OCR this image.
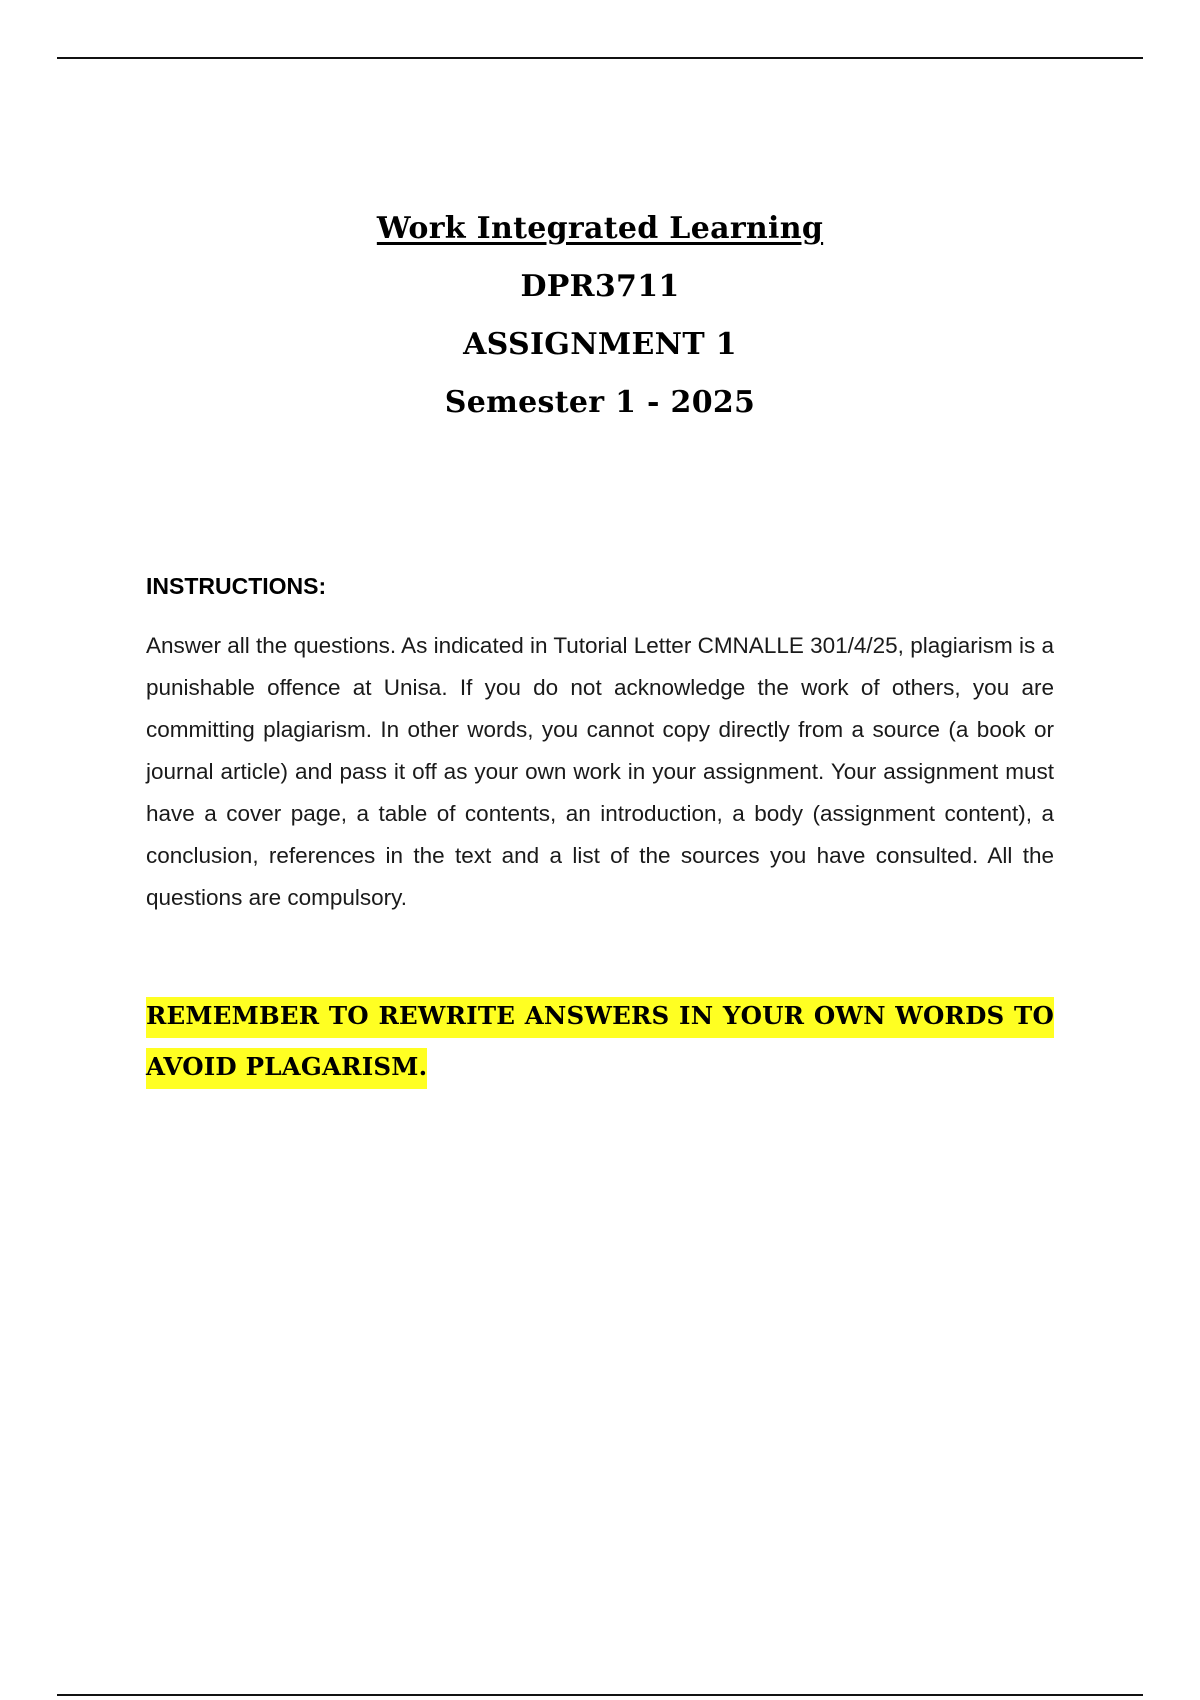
Work Integrated Learning
DPR3711
ASSIGNMENT 1
Semester 1 - 2025
INSTRUCTIONS:
Answer all the questions. As indicated in Tutorial Letter CMNALLE 301/4/25, plagiarism is a punishable offence at Unisa. If you do not acknowledge the work of others, you are committing plagiarism. In other words, you cannot copy directly from a source (a book or journal article) and pass it off as your own work in your assignment. Your assignment must have a cover page, a table of contents, an introduction, a body (assignment content), a conclusion, references in the text and a list of the sources you have consulted. All the questions are compulsory.
REMEMBER TO REWRITE ANSWERS IN YOUR OWN WORDS TO AVOID PLAGARISM.
